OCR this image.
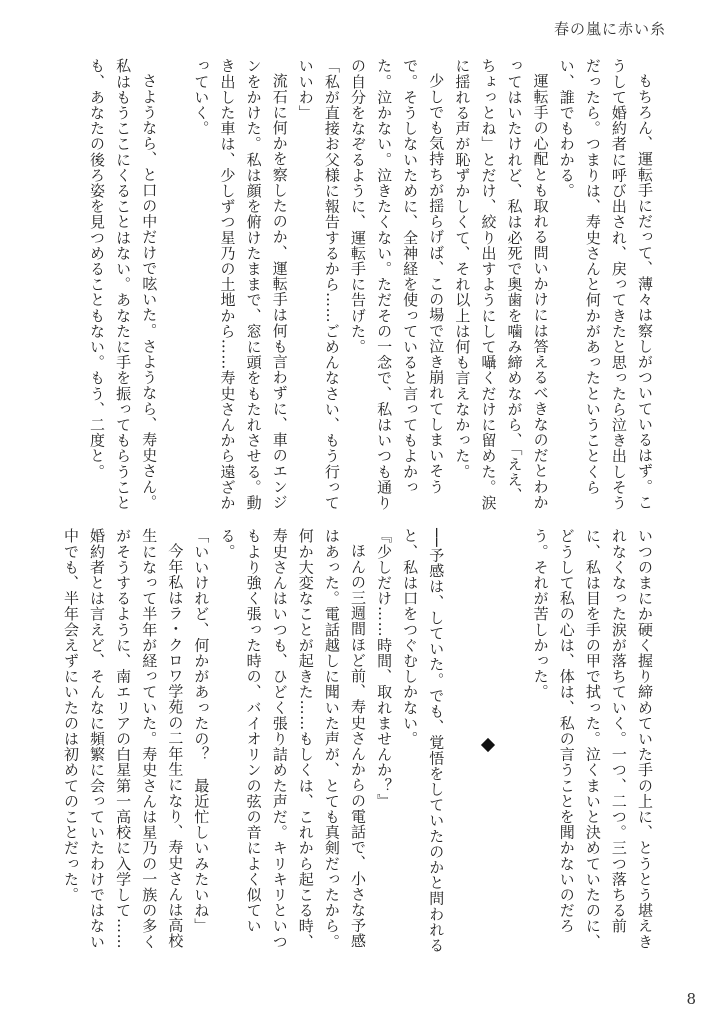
春の嵐に赤い糸

もちろん、運転手にだって、薄々は察しがついているはず。こうして婚約者に呼び出され、戻ってきたと思ったら泣き出しそうだったら。つまりは、寿史さんと何かがあったということくらい、誰でもわかる。

運転手の心配とも取れる問いかけには答えるべきなのだとわかってはいたけれど、私は必死で奥歯を噛み締めながら、「ええ、ちょっとね」とだけ、絞り出すようにして囁くだけに留めた。涙に揺れる声が恥ずかしくて、それ以上は何も言えなかった。

少しでも気持ちが揺らげば、この場で泣き崩れてしまいそうで。そうしないために、全神経を使っていると言ってもよかった。泣かない。泣きたくない。ただその一念で、私はいつも通りの自分をなぞるように、運転手に告げた。

「私が直接お父様に報告するから……ごめんなさい、もう行っていいわ」

流石に何かを察したのか、運転手は何も言わずに、車のエンジンをかけた。私は顔を俯けたままで、窓に頭をもたれさせる。動き出した車は、少しずつ星乃の土地から……寿史さんから遠ざかっていく。

さようなら、と口の中だけで呟いた。さようなら、寿史さん。私はもうここにくることはない。あなたに手を振ってもらうことも、あなたの後ろ姿を見つめることもない。もう、二度と。

いつのまにか硬く握り締めていた手の上に、とうとう堪えきれなくなった涙が落ちていく。一つ、二つ。三つ落ちる前に、私は目を手の甲で拭った。泣くまいと決めていたのに、どうして私の心は、体は、私の言うことを聞かないのだろう。それが苦しかった。

──予感は、していた。でも、覚悟をしていたのかと問われると、私は口をつぐむしかない。

『少しだけ……時間、取れませんか？』

ほんの三週間ほど前、寿史さんからの電話で、小さな予感はあった。電話越しに聞いた声が、とても真剣だったから。何か大変なことが起きた……もしくは、これから起こる時、寿史さんはいつも、ひどく張り詰めた声だ。キリキリといつもより強く張った時の、バイオリンの弦の音によく似ている。

「いいけれど、何かがあったの？　最近忙しいみたいね」

今年私はラ・クロワ学苑の二年生になり、寿史さんは高校生になって半年が経っていた。寿史さんは星乃の一族の多くがそうするように、南エリアの白星第一高校に入学して……婚約者とは言えど、そんなに頻繁に会っていたわけではない中でも、半年会えずにいたのは初めてのことだった。

8
